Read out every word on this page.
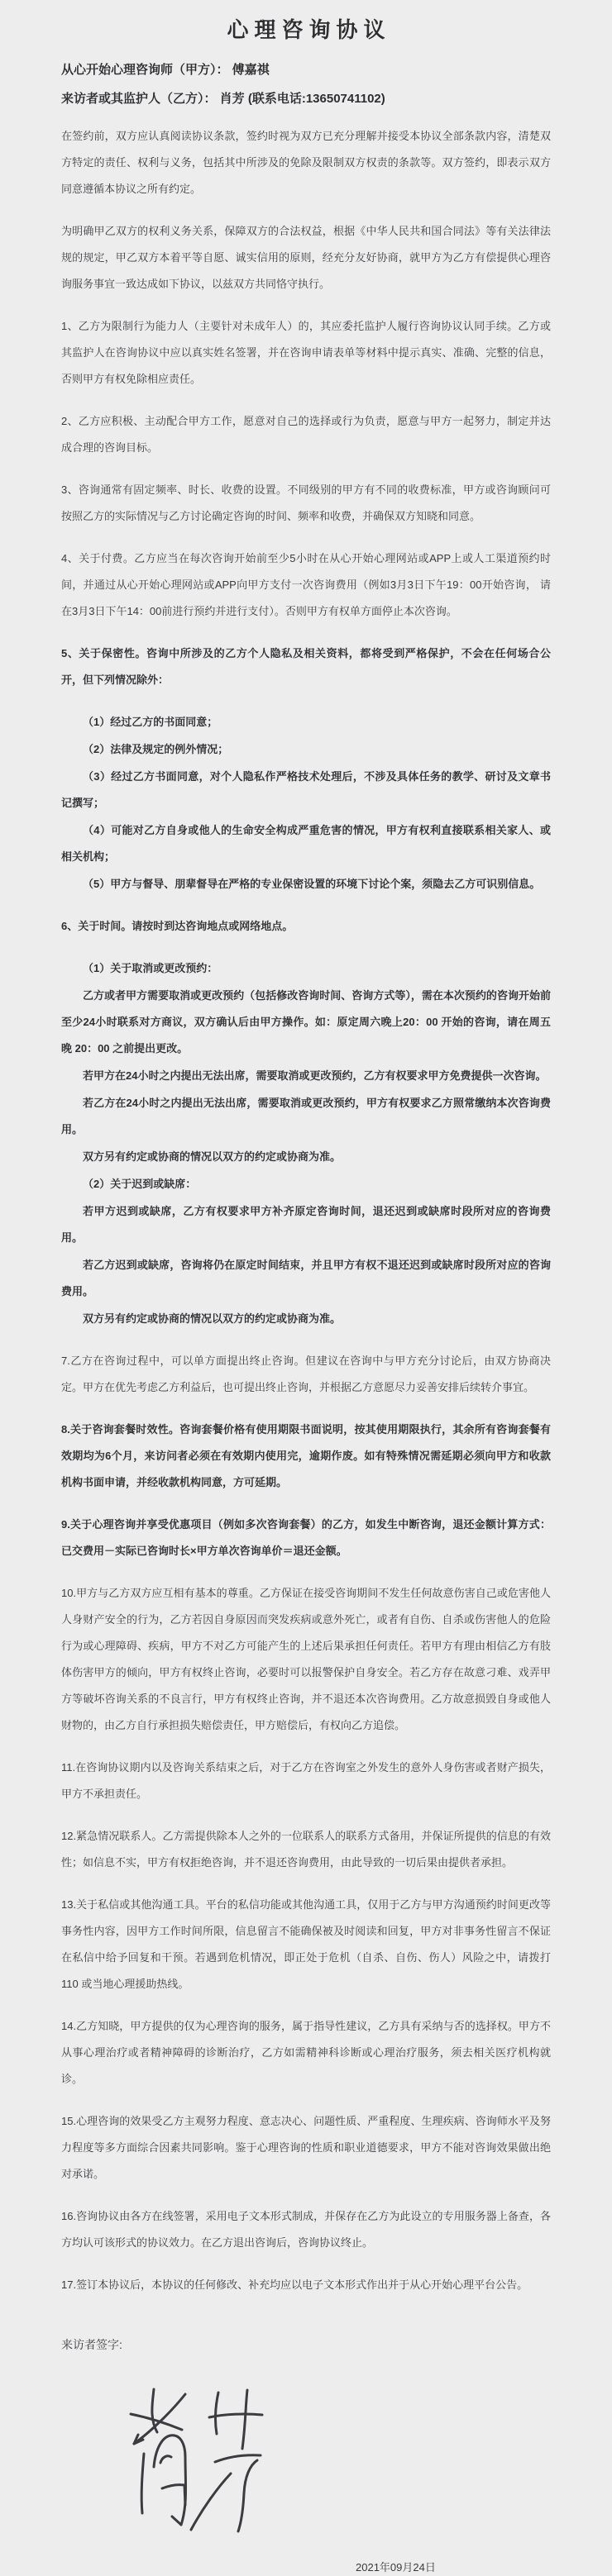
心理咨询协议
从心开始心理咨询师（甲方）： 傅嘉祺
来访者或其监护人（乙方）： 肖芳 (联系电话:13650741102)

在签约前，双方应认真阅读协议条款，签约时视为双方已充分理解并接受本协议全部条款内容，清楚双方特定的责任、权利与义务，包括其中所涉及的免除及限制双方权责的条款等。双方签约，即表示双方同意遵循本协议之所有约定。

为明确甲乙双方的权利义务关系，保障双方的合法权益，根据《中华人民共和国合同法》等有关法律法规的规定，甲乙双方本着平等自愿、诚实信用的原则，经充分友好协商，就甲方为乙方有偿提供心理咨询服务事宜一致达成如下协议，以兹双方共同恪守执行。

1、乙方为限制行为能力人（主要针对未成年人）的，其应委托监护人履行咨询协议认同手续。乙方或其监护人在咨询协议中应以真实姓名签署，并在咨询申请表单等材料中提示真实、准确、完整的信息，否则甲方有权免除相应责任。

2、乙方应积极、主动配合甲方工作，愿意对自己的选择或行为负责，愿意与甲方一起努力，制定并达成合理的咨询目标。

3、咨询通常有固定频率、时长、收费的设置。不同级别的甲方有不同的收费标准，甲方或咨询顾问可按照乙方的实际情况与乙方讨论确定咨询的时间、频率和收费，并确保双方知晓和同意。

4、关于付费。乙方应当在每次咨询开始前至少5小时在从心开始心理网站或APP上或人工渠道预约时间，并通过从心开始心理网站或APP向甲方支付一次咨询费用（例如3月3日下午19：00开始咨询， 请在3月3日下午14：00前进行预约并进行支付）。否则甲方有权单方面停止本次咨询。

5、关于保密性。咨询中所涉及的乙方个人隐私及相关资料，都将受到严格保护，不会在任何场合公开，但下列情况除外：

（1）经过乙方的书面同意；

（2）法律及规定的例外情况；

（3）经过乙方书面同意，对个人隐私作严格技术处理后，不涉及具体任务的教学、研讨及文章书记撰写；

（4）可能对乙方自身或他人的生命安全构成严重危害的情况，甲方有权利直接联系相关家人、或相关机构；

（5）甲方与督导、朋辈督导在严格的专业保密设置的环境下讨论个案，须隐去乙方可识别信息。

6、关于时间。请按时到达咨询地点或网络地点。

（1）关于取消或更改预约：

乙方或者甲方需要取消或更改预约（包括修改咨询时间、咨询方式等），需在本次预约的咨询开始前至少24小时联系对方商议，双方确认后由甲方操作。如：原定周六晚上20：00 开始的咨询，请在周五晚 20：00 之前提出更改。

若甲方在24小时之内提出无法出席，需要取消或更改预约，乙方有权要求甲方免费提供一次咨询。

若乙方在24小时之内提出无法出席，需要取消或更改预约，甲方有权要求乙方照常缴纳本次咨询费用。

双方另有约定或协商的情况以双方的约定或协商为准。

（2）关于迟到或缺席：

若甲方迟到或缺席，乙方有权要求甲方补齐原定咨询时间，退还迟到或缺席时段所对应的咨询费用。

若乙方迟到或缺席，咨询将仍在原定时间结束，并且甲方有权不退还迟到或缺席时段所对应的咨询费用。

双方另有约定或协商的情况以双方的约定或协商为准。

7.乙方在咨询过程中，可以单方面提出终止咨询。但建议在咨询中与甲方充分讨论后，由双方协商决定。甲方在优先考虑乙方利益后，也可提出终止咨询，并根据乙方意愿尽力妥善安排后续转介事宜。

8.关于咨询套餐时效性。咨询套餐价格有使用期限书面说明，按其使用期限执行，其余所有咨询套餐有效期均为6个月，来访问者必须在有效期内使用完，逾期作废。如有特殊情况需延期必须向甲方和收款机构书面申请，并经收款机构同意，方可延期。

9.关于心理咨询并享受优惠项目（例如多次咨询套餐）的乙方，如发生中断咨询，退还金额计算方式：已交费用－实际已咨询时长×甲方单次咨询单价＝退还金额。

10.甲方与乙方双方应互相有基本的尊重。乙方保证在接受咨询期间不发生任何故意伤害自己或危害他人人身财产安全的行为，乙方若因自身原因而突发疾病或意外死亡，或者有自伤、自杀或伤害他人的危险行为或心理障碍、疾病，甲方不对乙方可能产生的上述后果承担任何责任。若甲方有理由相信乙方有肢体伤害甲方的倾向，甲方有权终止咨询，必要时可以报警保护自身安全。若乙方存在故意刁难、戏弄甲方等破坏咨询关系的不良言行，甲方有权终止咨询，并不退还本次咨询费用。乙方故意损毁自身或他人财物的，由乙方自行承担损失赔偿责任，甲方赔偿后，有权向乙方追偿。

11.在咨询协议期内以及咨询关系结束之后，对于乙方在咨询室之外发生的意外人身伤害或者财产损失，甲方不承担责任。

12.紧急情况联系人。乙方需提供除本人之外的一位联系人的联系方式备用，并保证所提供的信息的有效性；如信息不实，甲方有权拒绝咨询，并不退还咨询费用，由此导致的一切后果由提供者承担。

13.关于私信或其他沟通工具。平台的私信功能或其他沟通工具，仅用于乙方与甲方沟通预约时间更改等事务性内容，因甲方工作时间所限，信息留言不能确保被及时阅读和回复，甲方对非事务性留言不保证在私信中给予回复和干预。若遇到危机情况，即正处于危机（自杀、自伤、伤人）风险之中，请拨打 110 或当地心理援助热线。

14.乙方知晓，甲方提供的仅为心理咨询的服务，属于指导性建议，乙方具有采纳与否的选择权。甲方不从事心理治疗或者精神障碍的诊断治疗，乙方如需精神科诊断或心理治疗服务，须去相关医疗机构就诊。

15.心理咨询的效果受乙方主观努力程度、意志决心、问题性质、严重程度、生理疾病、咨询师水平及努力程度等多方面综合因素共同影响。鉴于心理咨询的性质和职业道德要求，甲方不能对咨询效果做出绝对承诺。

16.咨询协议由各方在线签署，采用电子文本形式制成，并保存在乙方为此设立的专用服务器上备查，各方均认可该形式的协议效力。在乙方退出咨询后，咨询协议终止。

17.签订本协议后，本协议的任何修改、补充均应以电子文本形式作出并于从心开始心理平台公告。

来访者签字:
2021年09月24日
